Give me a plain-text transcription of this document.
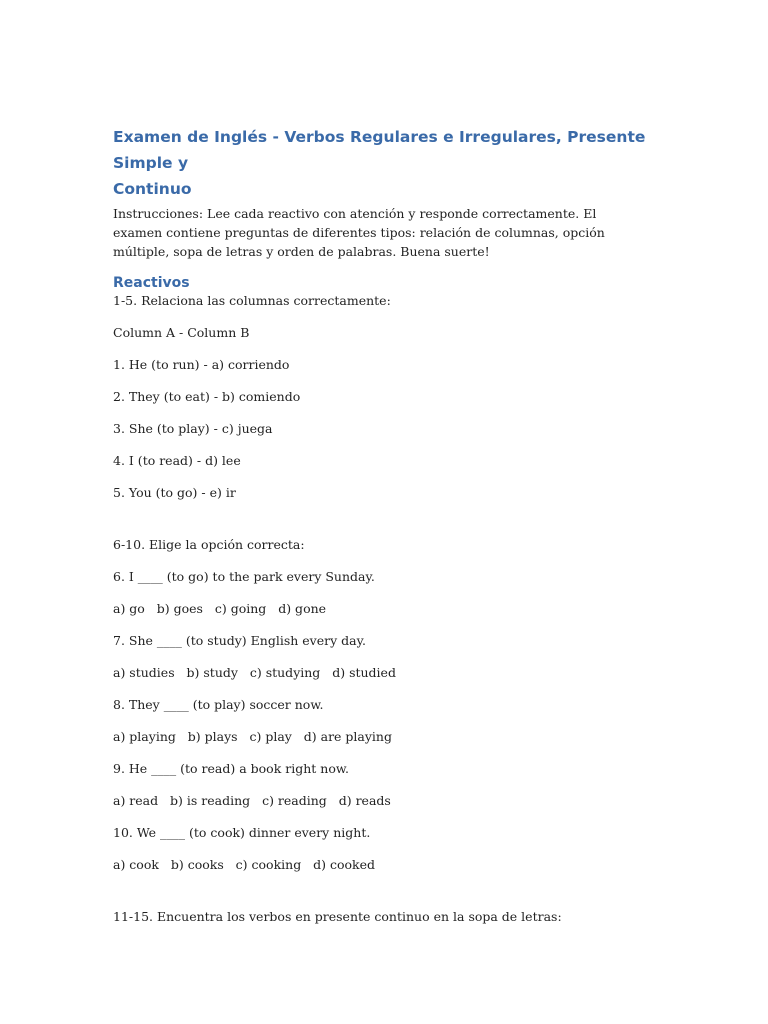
Examen de Inglés - Verbos Regulares e Irregulares, Presente Simple y
Continuo

Instrucciones: Lee cada reactivo con atención y responde correctamente. El examen contiene preguntas de diferentes tipos: relación de columnas, opción múltiple, sopa de letras y orden de palabras. Buena suerte!

Reactivos

1-5. Relaciona las columnas correctamente:

Column A - Column B

1. He (to run) - a) corriendo

2. They (to eat) - b) comiendo

3. She (to play) - c) juega

4. I (to read) - d) lee

5. You (to go) - e) ir

6-10. Elige la opción correcta:

6. I ____ (to go) to the park every Sunday.

a) go   b) goes   c) going   d) gone

7. She ____ (to study) English every day.

a) studies   b) study   c) studying   d) studied

8. They ____ (to play) soccer now.

a) playing   b) plays   c) play   d) are playing

9. He ____ (to read) a book right now.

a) read   b) is reading   c) reading   d) reads

10. We ____ (to cook) dinner every night.

a) cook   b) cooks   c) cooking   d) cooked

11-15. Encuentra los verbos en presente continuo en la sopa de letras:
